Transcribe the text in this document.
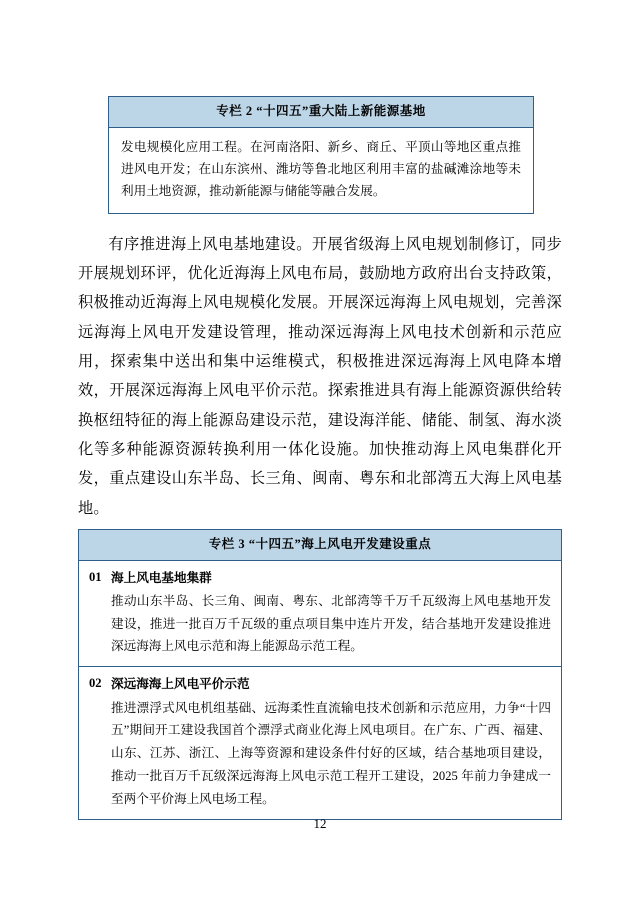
专栏 2 “十四五”重大陆上新能源基地

发电规模化应用工程。在河南洛阳、新乡、商丘、平顶山等地区重点推进风电开发；在山东滨州、潍坊等鲁北地区利用丰富的盐碱滩涂地等未利用土地资源，推动新能源与储能等融合发展。

有序推进海上风电基地建设。开展省级海上风电规划制修订，同步开展规划环评，优化近海海上风电布局，鼓励地方政府出台支持政策，积极推动近海海上风电规模化发展。开展深远海海上风电规划，完善深远海海上风电开发建设管理，推动深远海海上风电技术创新和示范应用，探索集中送出和集中运维模式，积极推进深远海海上风电降本增效，开展深远海海上风电平价示范。探索推进具有海上能源资源供给转换枢纽特征的海上能源岛建设示范，建设海洋能、储能、制氢、海水淡化等多种能源资源转换利用一体化设施。加快推动海上风电集群化开发，重点建设山东半岛、长三角、闽南、粤东和北部湾五大海上风电基地。

专栏 3 “十四五”海上风电开发建设重点
01 海上风电基地集群
推动山东半岛、长三角、闽南、粤东、北部湾等千万千瓦级海上风电基地开发建设，推进一批百万千瓦级的重点项目集中连片开发，结合基地开发建设推进深远海海上风电示范和海上能源岛示范工程。
02 深远海海上风电平价示范
推进漂浮式风电机组基础、远海柔性直流输电技术创新和示范应用，力争“十四五”期间开工建设我国首个漂浮式商业化海上风电项目。在广东、广西、福建、山东、江苏、浙江、上海等资源和建设条件付好的区域，结合基地项目建设，推动一批百万千瓦级深远海海上风电示范工程开工建设，2025 年前力争建成一至两个平价海上风电场工程。
12
